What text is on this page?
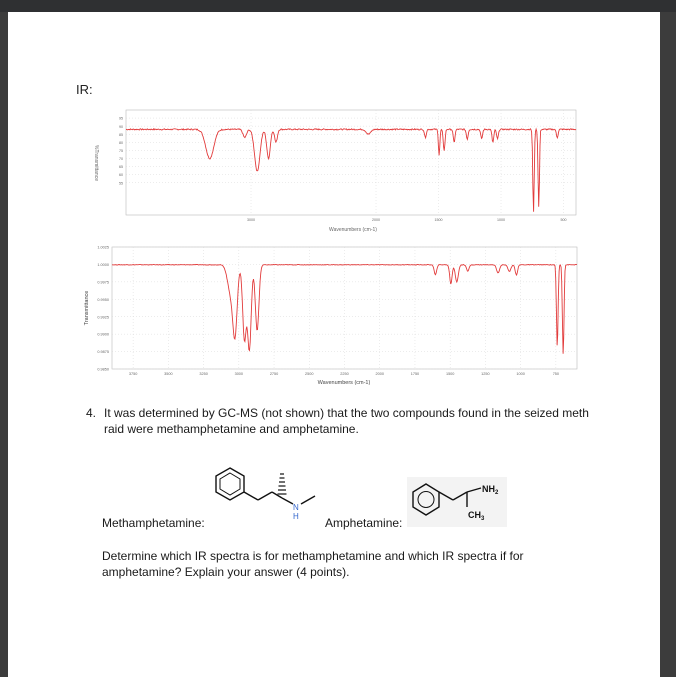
IR:
95
90
85
80
75
70
65
60
55
3000	2000	1500	1000	500
Wavenumbers (cm-1)
%Transmittance
1.0025
1.0000
0.9975
0.9950
0.9925
0.9900
0.9875
0.9850
3750	3500	3250	3000	2750	2500	2250	2000	1750	1500	1250	1000	750
Wavenumbers (cm-1)
Transmittance
4. It was determined by GC-MS (not shown) that the two compounds found in the seized meth raid were methamphetamine and amphetamine.
N
H
$NH_2$
$CH_3$
Methamphetamine:	Amphetamine:
Determine which IR spectra is for methamphetamine and which IR spectra if for amphetamine? Explain your answer (4 points).
